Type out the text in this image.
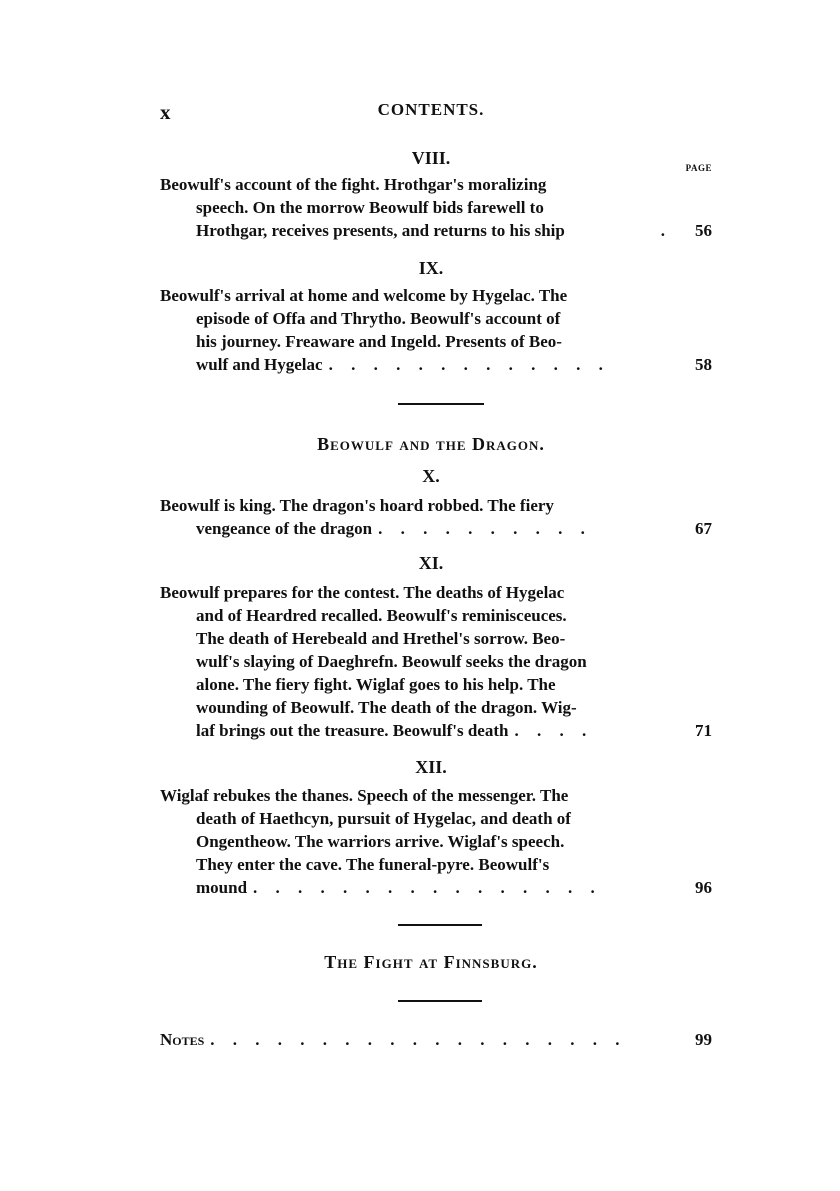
x	CONTENTS.
VIII.	PAGE
Beowulf's account of the fight. Hrothgar's moralizing
speech. On the morrow Beowulf bids farewell to
Hrothgar, receives presents, and returns to his ship	.	56
IX.
Beowulf's arrival at home and welcome by Hygelac. The
episode of Offa and Thrytho. Beowulf's account of
his journey. Freaware and Ingeld. Presents of Beo-
wulf and Hygelac . . . . . . . . . . . . .	58
Beowulf and the Dragon.
X.
Beowulf is king. The dragon's hoard robbed. The fiery
vengeance of the dragon . . . . . . . . . .	67
XI.
Beowulf prepares for the contest. The deaths of Hygelac
and of Heardred recalled. Beowulf's reminisceuces.
The death of Herebeald and Hrethel's sorrow. Beo-
wulf's slaying of Daeghrefn. Beowulf seeks the dragon
alone. The fiery fight. Wiglaf goes to his help. The
wounding of Beowulf. The death of the dragon. Wig-
laf brings out the treasure. Beowulf's death . . . .	71
XII.
Wiglaf rebukes the thanes. Speech of the messenger. The
death of Haethcyn, pursuit of Hygelac, and death of
Ongentheow. The warriors arrive. Wiglaf's speech.
They enter the cave. The funeral-pyre. Beowulf's
mound . . . . . . . . . . . . . . . .	96
The Fight at Finnsburg.
Notes . . . . . . . . . . . . . . . . . . .	99
